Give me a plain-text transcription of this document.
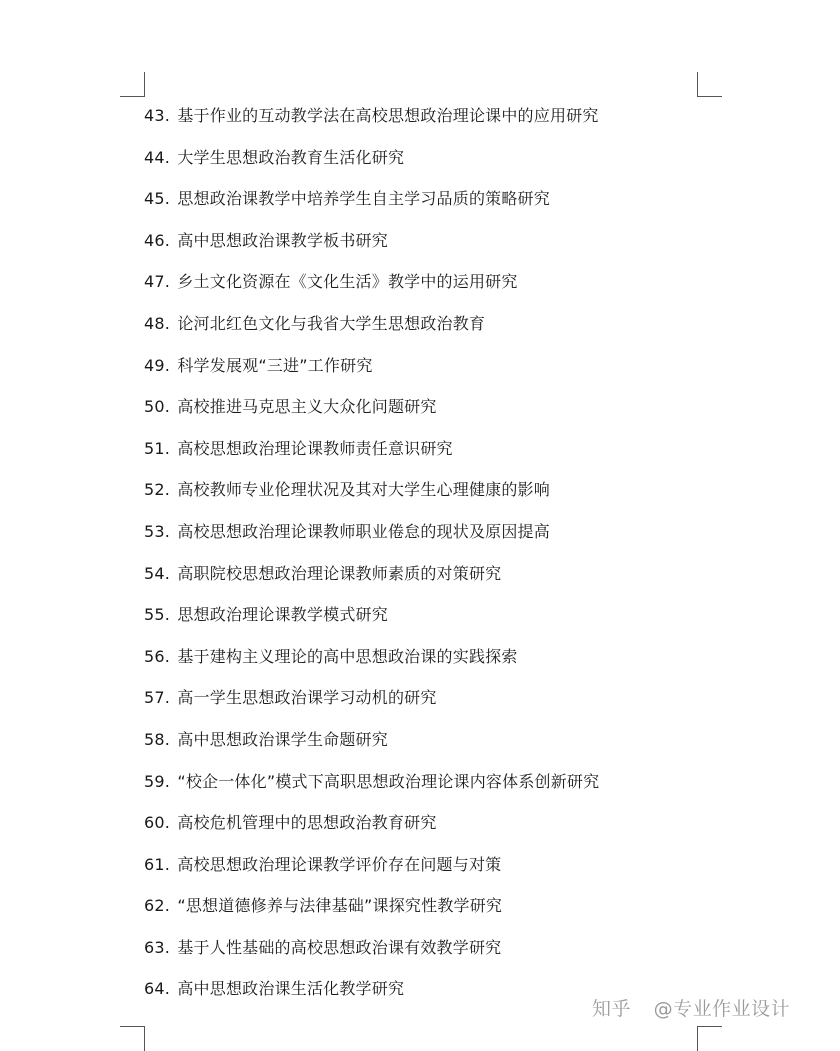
43. 基于作业的互动教学法在高校思想政治理论课中的应用研究
44. 大学生思想政治教育生活化研究
45. 思想政治课教学中培养学生自主学习品质的策略研究
46. 高中思想政治课教学板书研究
47. 乡土文化资源在《文化生活》教学中的运用研究
48. 论河北红色文化与我省大学生思想政治教育
49. 科学发展观“三进”工作研究
50. 高校推进马克思主义大众化问题研究
51. 高校思想政治理论课教师责任意识研究
52. 高校教师专业伦理状况及其对大学生心理健康的影响
53. 高校思想政治理论课教师职业倦怠的现状及原因提高
54. 高职院校思想政治理论课教师素质的对策研究
55. 思想政治理论课教学模式研究
56. 基于建构主义理论的高中思想政治课的实践探索
57. 高一学生思想政治课学习动机的研究
58. 高中思想政治课学生命题研究
59. “校企一体化”模式下高职思想政治理论课内容体系创新研究
60. 高校危机管理中的思想政治教育研究
61. 高校思想政治理论课教学评价存在问题与对策
62. “思想道德修养与法律基础”课探究性教学研究
63. 基于人性基础的高校思想政治课有效教学研究
64. 高中思想政治课生活化教学研究
知乎 @专业作业设计
